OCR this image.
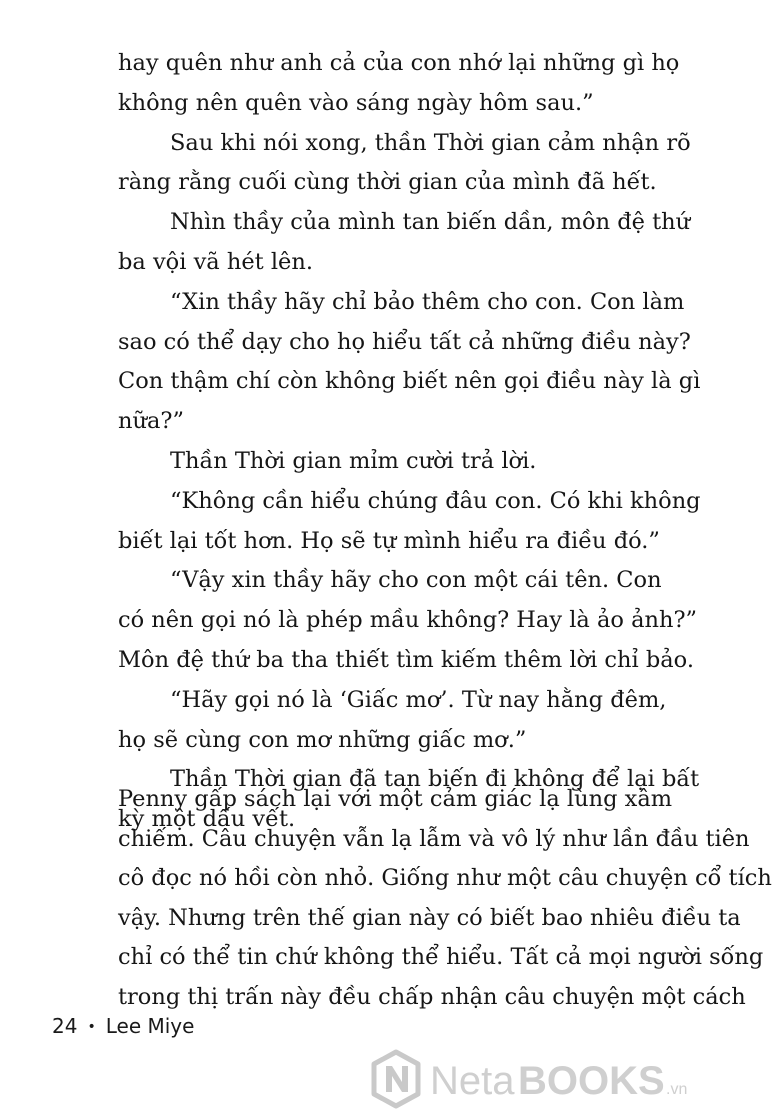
hay quên như anh cả của con nhớ lại những gì họ
không nên quên vào sáng ngày hôm sau.”
Sau khi nói xong, thần Thời gian cảm nhận rõ
ràng rằng cuối cùng thời gian của mình đã hết.
Nhìn thầy của mình tan biến dần, môn đệ thứ
ba vội vã hét lên.
“Xin thầy hãy chỉ bảo thêm cho con. Con làm
sao có thể dạy cho họ hiểu tất cả những điều này?
Con thậm chí còn không biết nên gọi điều này là gì
nữa?”
Thần Thời gian mỉm cười trả lời.
“Không cần hiểu chúng đâu con. Có khi không
biết lại tốt hơn. Họ sẽ tự mình hiểu ra điều đó.”
“Vậy xin thầy hãy cho con một cái tên. Con
có nên gọi nó là phép mầu không? Hay là ảo ảnh?”
Môn đệ thứ ba tha thiết tìm kiếm thêm lời chỉ bảo.
“Hãy gọi nó là ‘Giấc mơ’. Từ nay hằng đêm,
họ sẽ cùng con mơ những giấc mơ.”
Thần Thời gian đã tan biến đi không để lại bất
kỳ một dấu vết.
Penny gấp sách lại với một cảm giác lạ lùng xâm
chiếm. Câu chuyện vẫn lạ lẫm và vô lý như lần đầu tiên
cô đọc nó hồi còn nhỏ. Giống như một câu chuyện cổ tích
vậy. Nhưng trên thế gian này có biết bao nhiêu điều ta
chỉ có thể tin chứ không thể hiểu. Tất cả mọi người sống
trong thị trấn này đều chấp nhận câu chuyện một cách
24 • Lee Miye
Neta BOOKS .vn
